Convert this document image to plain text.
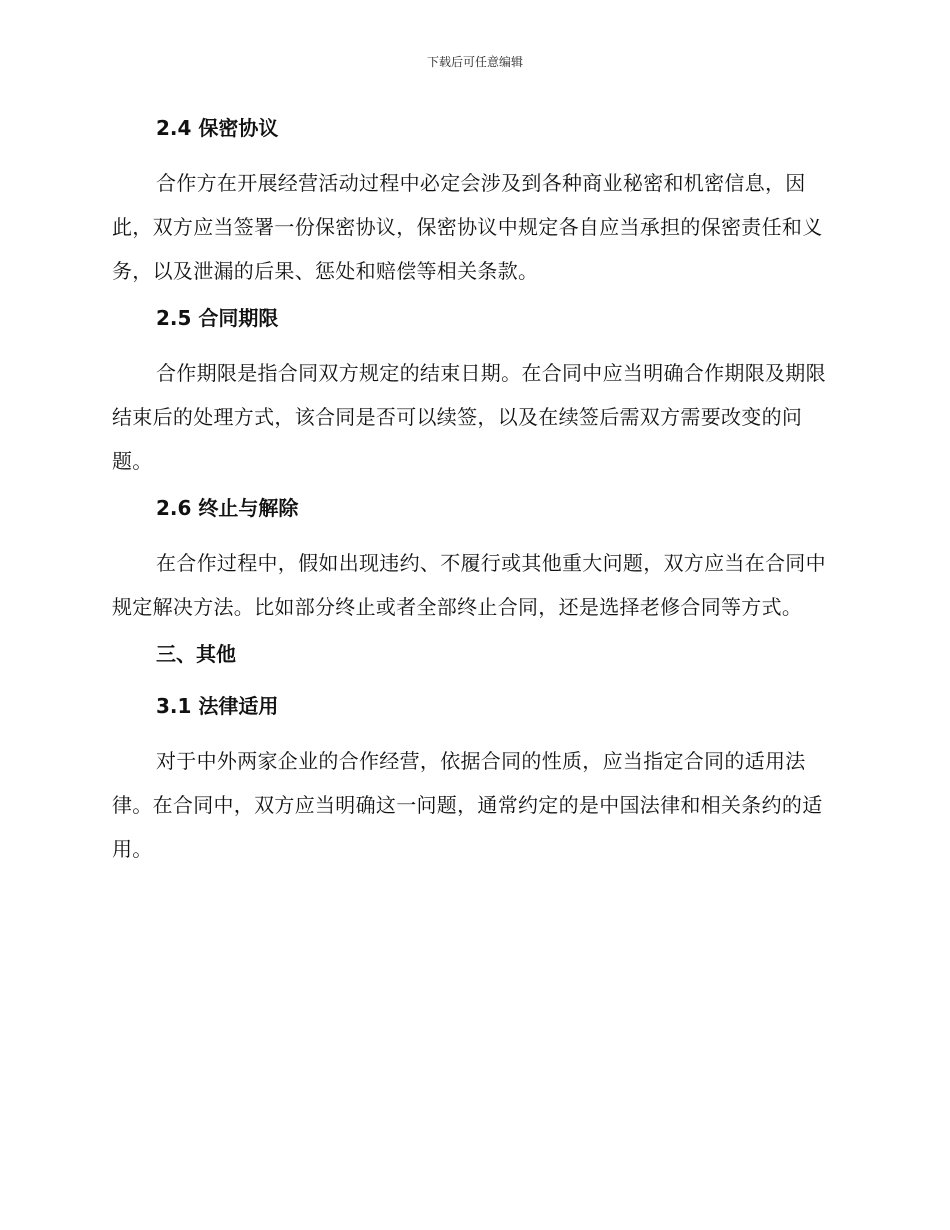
下载后可任意编辑
2.4 保密协议

合作方在开展经营活动过程中必定会涉及到各种商业秘密和机密信息，因此，双方应当签署一份保密协议，保密协议中规定各自应当承担的保密责任和义务，以及泄漏的后果、惩处和赔偿等相关条款。

2.5 合同期限

合作期限是指合同双方规定的结束日期。在合同中应当明确合作期限及期限结束后的处理方式，该合同是否可以续签，以及在续签后需双方需要改变的问题。

2.6 终止与解除

在合作过程中，假如出现违约、不履行或其他重大问题，双方应当在合同中规定解决方法。比如部分终止或者全部终止合同，还是选择老修合同等方式。

三、其他
3.1 法律适用

对于中外两家企业的合作经营，依据合同的性质，应当指定合同的适用法律。在合同中，双方应当明确这一问题，通常约定的是中国法律和相关条约的适用。
